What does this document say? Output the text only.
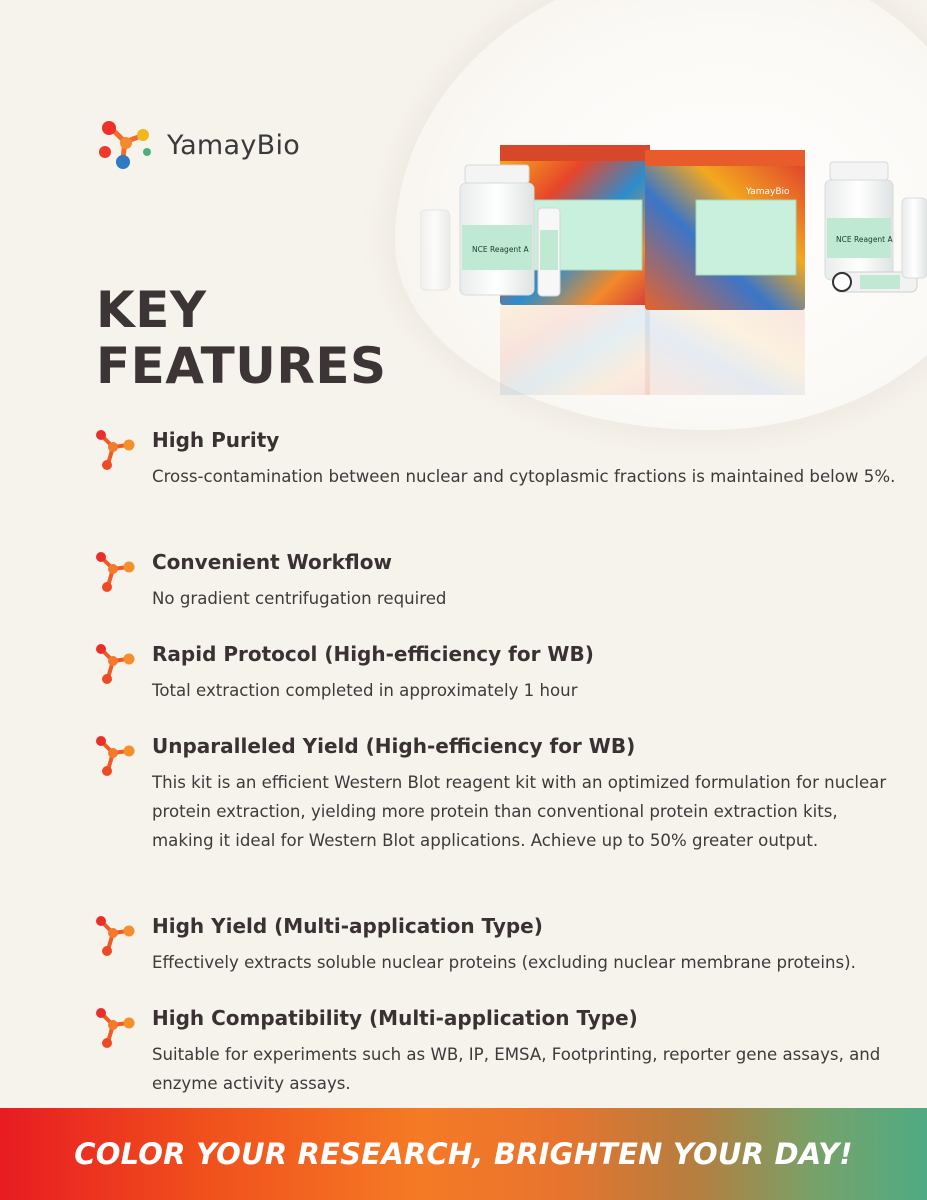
YamayBio
NCE Reagent A
NCE Reagent A
YamayBio
KEY
FEATURES
High Purity
Cross-contamination between nuclear and cytoplasmic fractions is maintained below 5%.
Convenient Workflow
No gradient centrifugation required
Rapid Protocol (High-efficiency for WB)
Total extraction completed in approximately 1 hour
Unparalleled Yield (High-efficiency for WB)
This kit is an efficient Western Blot reagent kit with an optimized formulation for nuclear protein extraction, yielding more protein than conventional protein extraction kits, making it ideal for Western Blot applications. Achieve up to 50% greater output.
High Yield (Multi-application Type)
Effectively extracts soluble nuclear proteins (excluding nuclear membrane proteins).
High Compatibility (Multi-application Type)
Suitable for experiments such as WB, IP, EMSA, Footprinting, reporter gene assays, and enzyme activity assays.
COLOR YOUR RESEARCH, BRIGHTEN YOUR DAY!
